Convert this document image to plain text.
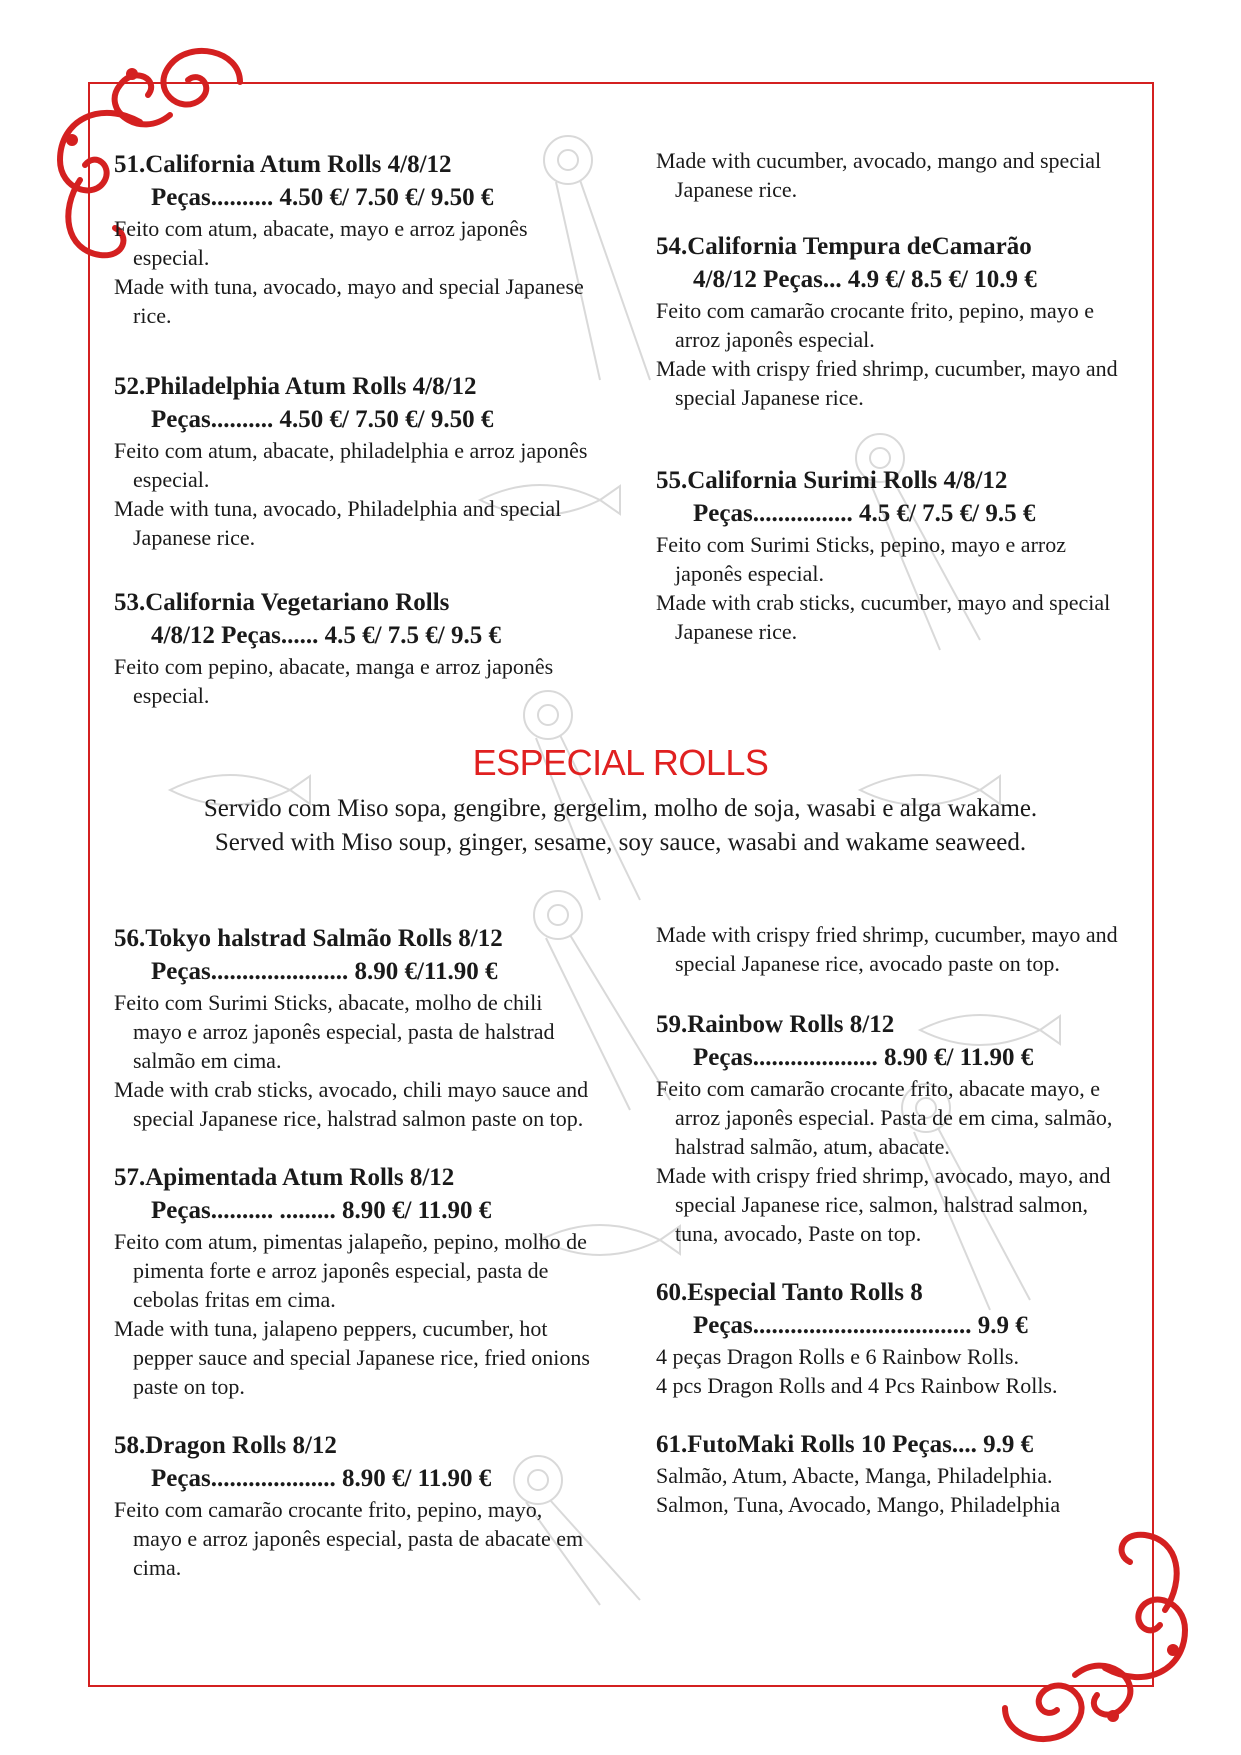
51.California Atum Rolls 4/8/12
Peças.......... 4.50 €/ 7.50 €/ 9.50 €

Feito com atum, abacate, mayo e arroz japonês especial.

Made with tuna, avocado, mayo and special Japanese rice.

52.Philadelphia Atum Rolls 4/8/12
Peças.......... 4.50 €/ 7.50 €/ 9.50 €

Feito com atum, abacate, philadelphia e arroz japonês especial.

Made with tuna, avocado, Philadelphia and special Japanese rice.

53.California Vegetariano Rolls
4/8/12 Peças...... 4.5 €/ 7.5 €/ 9.5 €

Feito com pepino, abacate, manga e arroz japonês especial.

Made with cucumber, avocado, mango and special Japanese rice.

54.California Tempura deCamarão
4/8/12 Peças... 4.9 €/ 8.5 €/ 10.9 €

Feito com camarão crocante frito, pepino, mayo e arroz japonês especial.

Made with crispy fried shrimp, cucumber, mayo and special Japanese rice.

55.California Surimi Rolls 4/8/12
Peças................ 4.5 €/ 7.5 €/ 9.5 €

Feito com Surimi Sticks, pepino, mayo e arroz japonês especial.

Made with crab sticks, cucumber, mayo and special Japanese rice.

ESPECIAL ROLLS
Servido com Miso sopa, gengibre, gergelim, molho de soja, wasabi e alga wakame.
Served with Miso soup, ginger, sesame, soy sauce, wasabi and wakame seaweed.
56.Tokyo halstrad Salmão Rolls 8/12
Peças...................... 8.90 €/11.90 €

Feito com Surimi Sticks, abacate, molho de chili mayo e arroz japonês especial, pasta de halstrad salmão em cima.

Made with crab sticks, avocado, chili mayo sauce and special Japanese rice, halstrad salmon paste on top.

57.Apimentada Atum Rolls 8/12
Peças.......... ......... 8.90 €/ 11.90 €

Feito com atum, pimentas jalapeño, pepino, molho de pimenta forte e arroz japonês especial, pasta de cebolas fritas em cima.

Made with tuna, jalapeno peppers, cucumber, hot pepper sauce and special Japanese rice, fried onions paste on top.

58.Dragon Rolls 8/12
Peças.................... 8.90 €/ 11.90 €

Feito com camarão crocante frito, pepino, mayo, mayo e arroz japonês especial, pasta de abacate em cima.

Made with crispy fried shrimp, cucumber, mayo and special Japanese rice, avocado paste on top.

59.Rainbow Rolls 8/12
Peças.................... 8.90 €/ 11.90 €

Feito com camarão crocante frito, abacate mayo, e arroz japonês especial. Pasta de em cima, salmão, halstrad salmão, atum, abacate.

Made with crispy fried shrimp, avocado, mayo, and special Japanese rice, salmon, halstrad salmon, tuna, avocado, Paste on top.

60.Especial Tanto Rolls 8
Peças................................... 9.9 €

4 peças Dragon Rolls e 6 Rainbow Rolls.

4 pcs Dragon Rolls and 4 Pcs Rainbow Rolls.

61.FutoMaki Rolls 10 Peças.... 9.9 €

Salmão, Atum, Abacte, Manga, Philadelphia.

Salmon, Tuna, Avocado, Mango, Philadelphia
